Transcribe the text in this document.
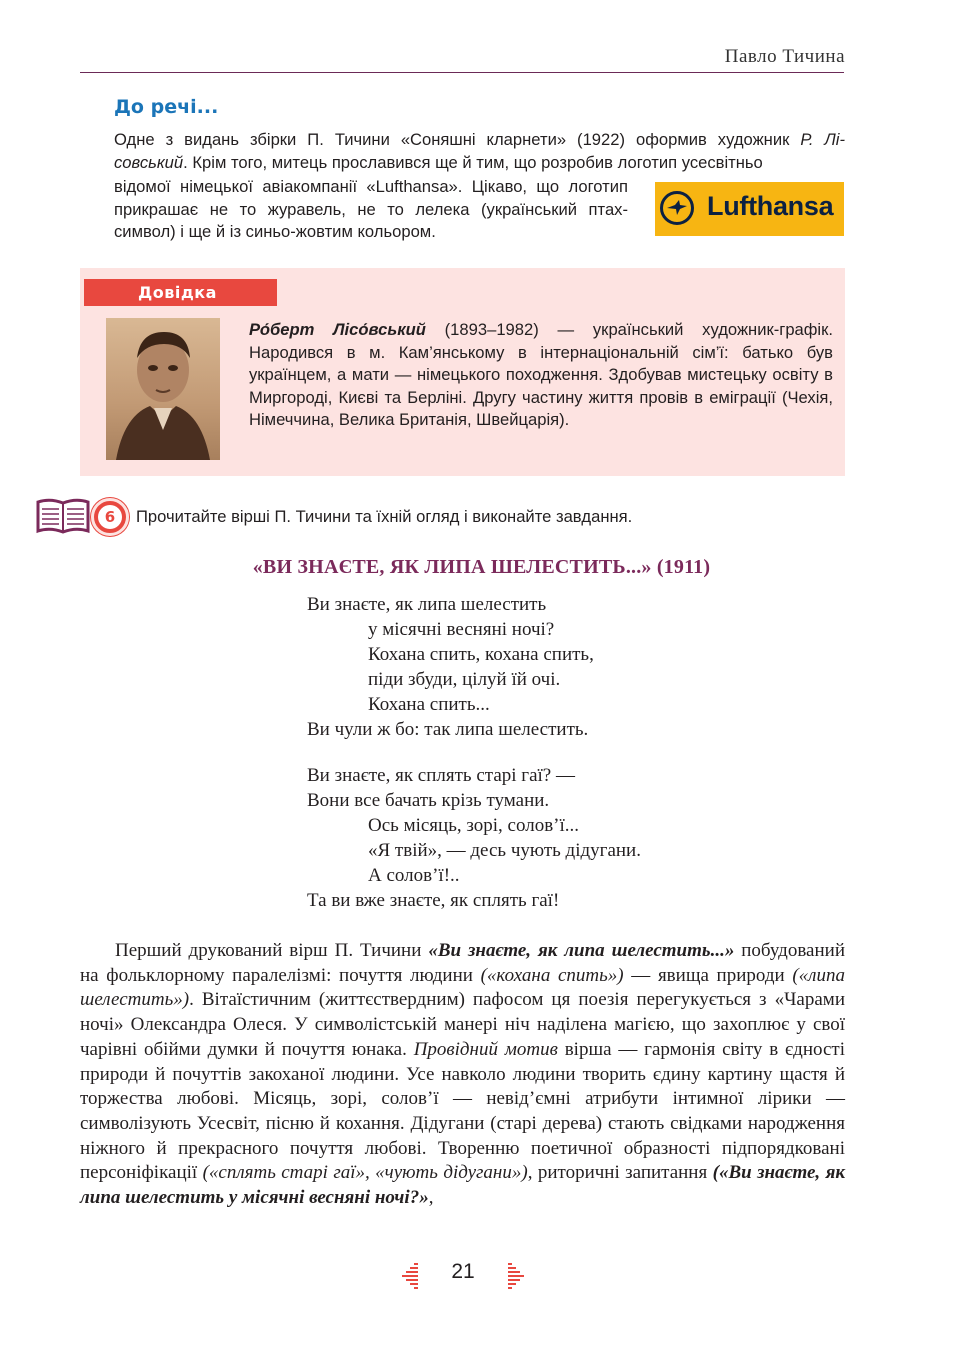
Павло Тичина
До речі...
Одне з видань збірки П. Тичини «Соняшні кларнети» (1922) оформив художник Р. Лі-
совський. Крім того, митець прославився ще й тим, що розробив логотип усесвітньо
відомої німецької авіакомпанії «Lufthansa». Цікаво, що логотип прикрашає не то журавель, не то лелека (український птах-символ) і ще й із синьо-жовтим кольором.
Lufthansa
Довідка
Ро́берт Лісо́вський (1893–1982) — український художник-графік. Народився в м. Кам’янському в інтернаціональній сім’ї: батько був українцем, а мати — німецького походження. Здобував мистецьку освіту в Миргороді, Києві та Берліні. Другу частину життя провів в еміграції (Чехія, Німеччина, Велика Британія, Швейцарія).
6	Прочитайте вірші П. Тичини та їхній огляд і виконайте завдання.
«ВИ ЗНАЄТЕ, ЯК ЛИПА ШЕЛЕСТИТЬ...» (1911)
Ви знаєте, як липа шелестить
у місячні весняні ночі?
Кохана спить, кохана спить,
піди збуди, цілуй їй очі.
Кохана спить...
Ви чули ж бо: так липа шелестить.
Ви знаєте, як сплять старі гаї? —
Вони все бачать крізь тумани.
Ось місяць, зорі, солов’ї...
«Я твій», — десь чують дідугани.
А солов’ї!..
Та ви вже знаєте, як сплять гаї!

Перший друкований вірш П. Тичини «Ви знаєте, як липа шелестить...» побудований на фольклорному паралелізмі: почуття людини («кохана спить») — явища природи («липа шелестить»). Вітаїстичним (життєствердним) пафосом ця поезія перегукується з «Чарами ночі» Олександра Олеся. У символістській манері ніч наділена магією, що захоплює у свої чарівні обійми думки й почуття юнака. Провідний мотив вірша — гармонія світу в єдності природи й почуттів закоханої людини. Усе навколо людини творить єдину картину щастя й торжества любові. Місяць, зорі, солов’ї — невід’ємні атрибути інтимної лірики — символізують Усесвіт, пісню й кохання. Дідугани (старі дерева) стають свідками народження ніжного й прекрасного почуття любові. Творенню поетичної образності підпорядковані персоніфікації («сплять старі гаї», «чують дідугани»), риторичні запитання («Ви знаєте, як липа шелестить у місячні весняні ночі?»,

21
